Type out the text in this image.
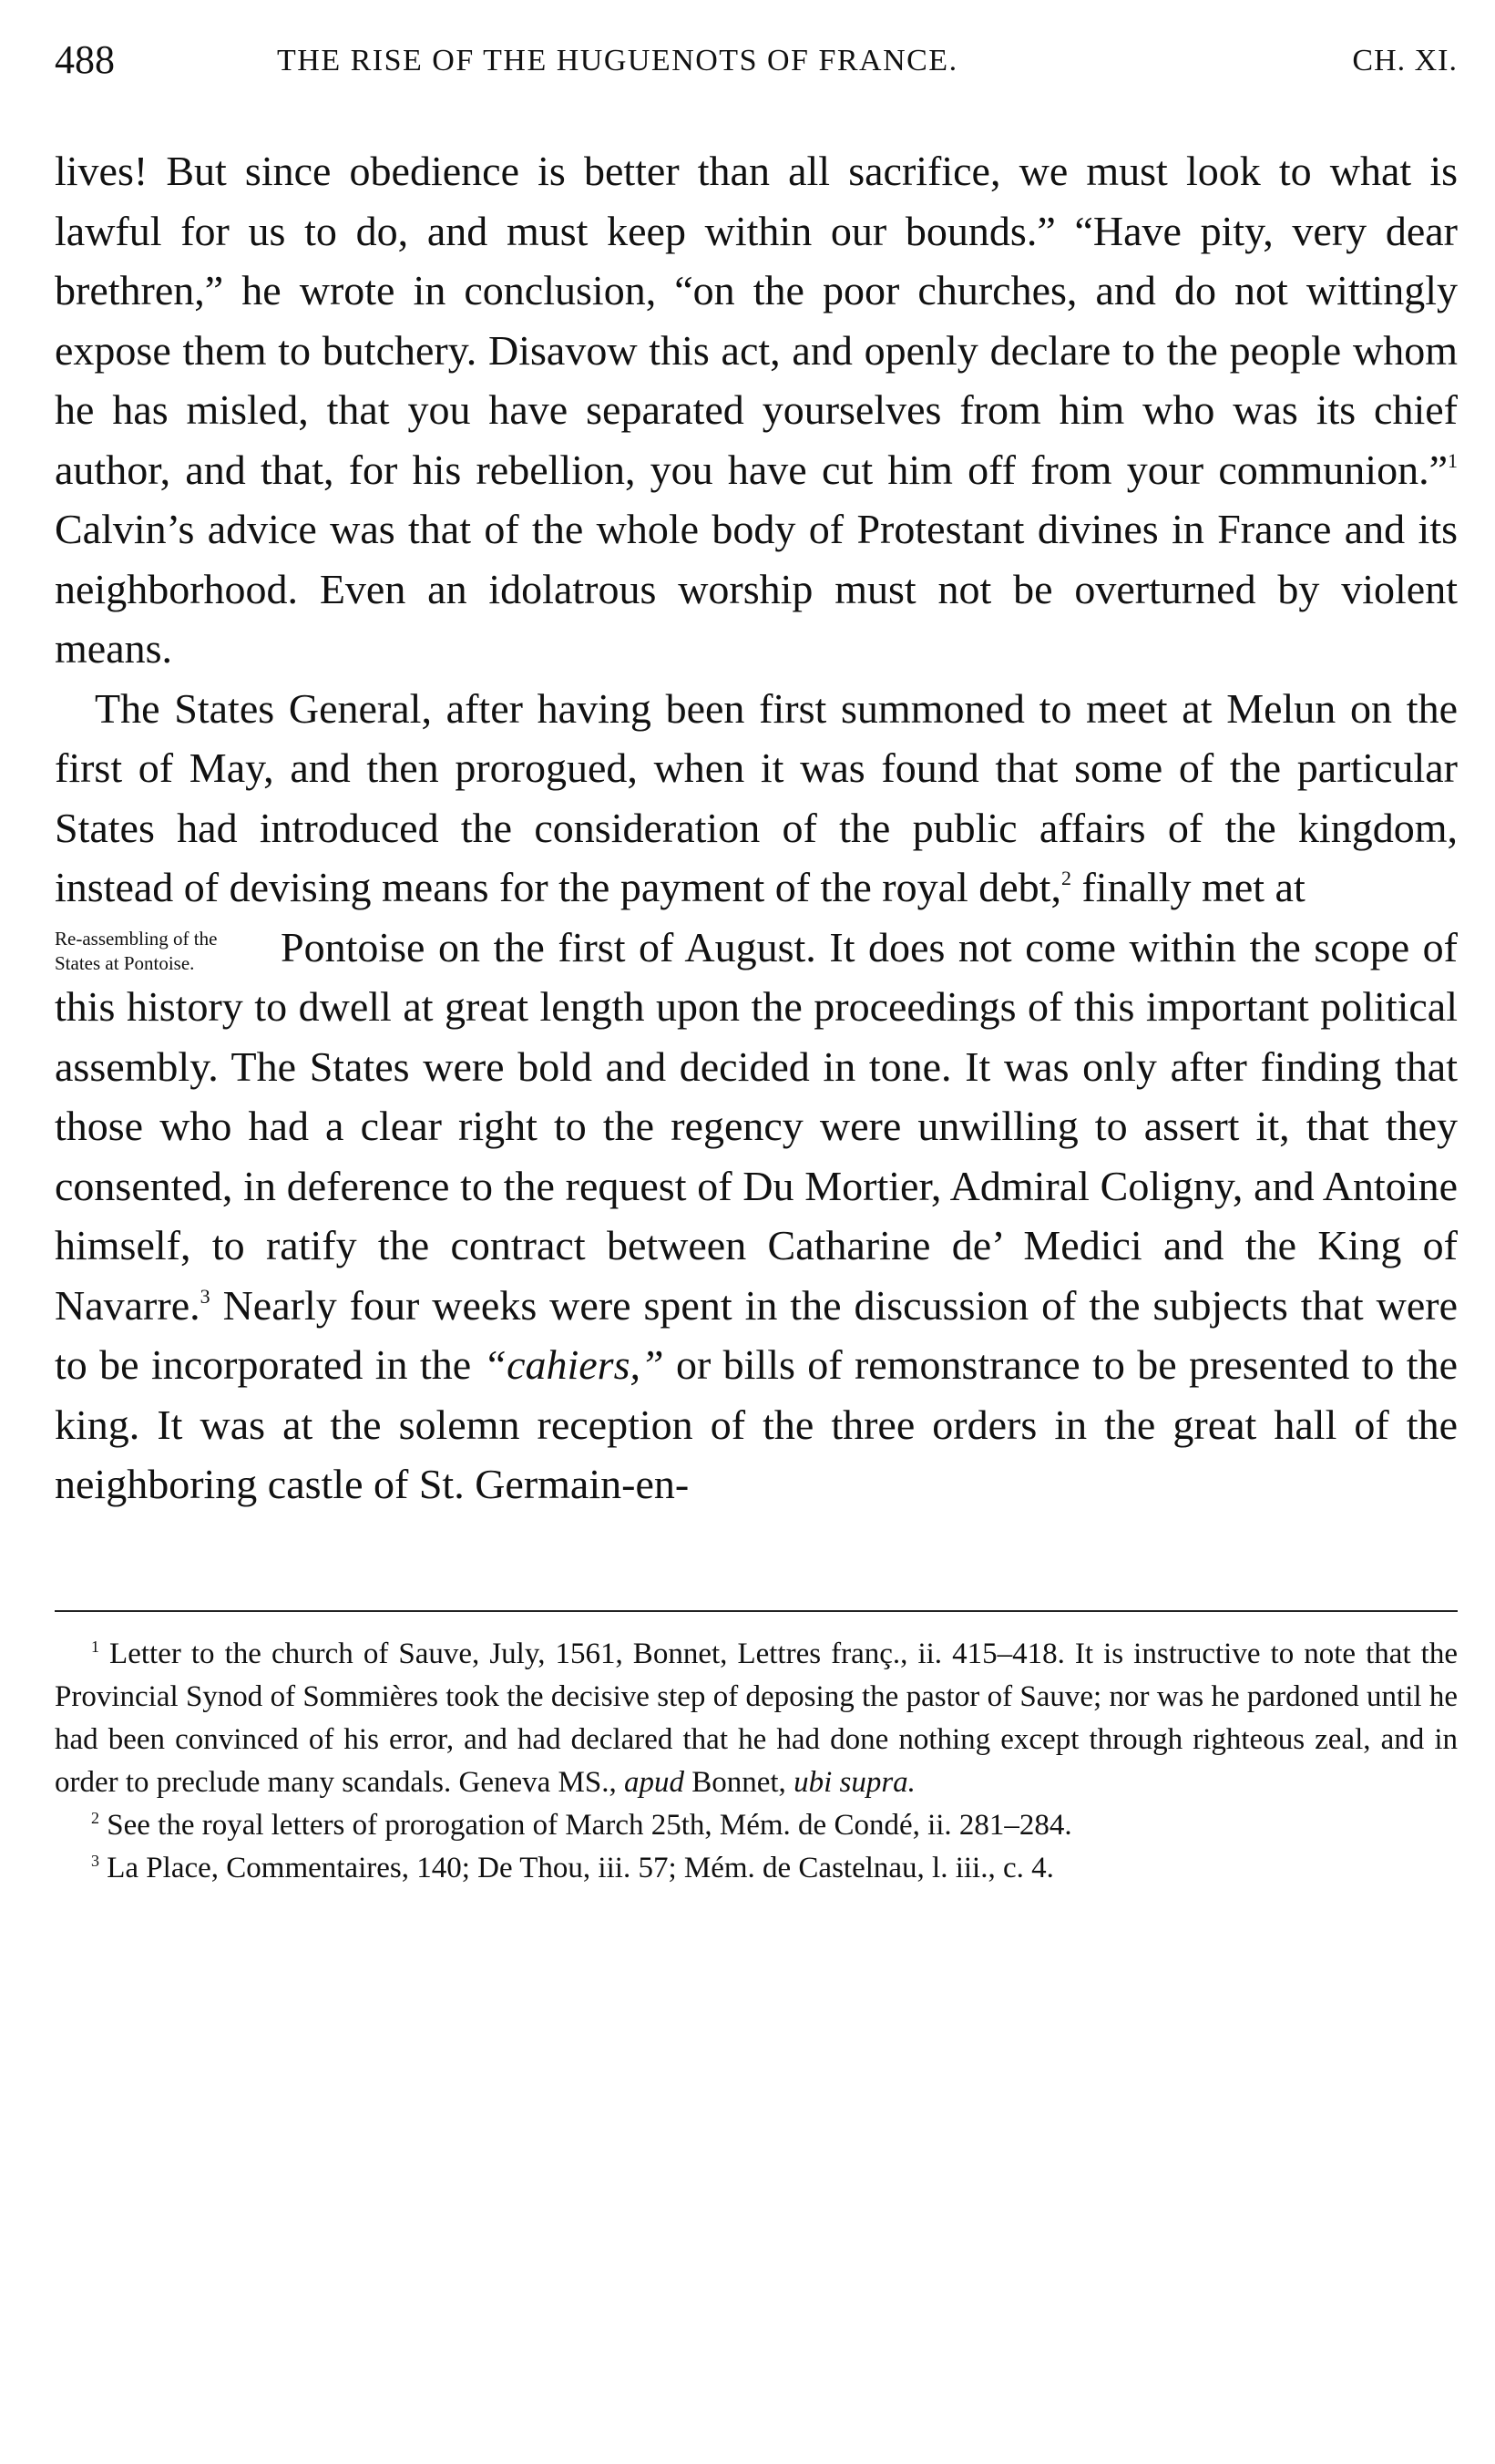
488	THE RISE OF THE HUGUENOTS OF FRANCE.	CH. XI.

lives! But since obedience is better than all sacrifice, we must look to what is lawful for us to do, and must keep within our bounds.” “Have pity, very dear brethren,” he wrote in conclusion, “on the poor churches, and do not wittingly expose them to butchery. Disavow this act, and openly declare to the people whom he has misled, that you have separated yourselves from him who was its chief author, and that, for his rebellion, you have cut him off from your communion.”$^1$ Calvin’s advice was that of the whole body of Protestant divines in France and its neighborhood. Even an idolatrous worship must not be overturned by violent means.

The States General, after having been first summoned to meet at Melun on the first of May, and then prorogued, when it was found that some of the particular States had introduced the consideration of the public affairs of the kingdom, instead of devising means for the payment of the royal debt,$^2$ finally met at

Re-assembling of the States at Pontoise.	Pontoise on the first of August. It does not come within the scope of this history to dwell at great length upon the proceedings of this important political assembly. The States were bold and decided in tone. It was only after finding that those who had a clear right to the regency were unwilling to assert it, that they consented, in deference to the request of Du Mortier, Admiral Coligny, and Antoine himself, to ratify the contract between Catharine de’ Medici and the King of Navarre.$^3$ Nearly four weeks were spent in the discussion of the subjects that were to be incorporated in the “cahiers,” or bills of remonstrance to be presented to the king. It was at the solemn reception of the three orders in the great hall of the neighboring castle of St. Germain-en-

$^1$ Letter to the church of Sauve, July, 1561, Bonnet, Lettres franç., ii. 415–418. It is instructive to note that the Provincial Synod of Sommières took the decisive step of deposing the pastor of Sauve; nor was he pardoned until he had been convinced of his error, and had declared that he had done nothing except through righteous zeal, and in order to preclude many scandals. Geneva MS., apud Bonnet, ubi supra.

$^2$ See the royal letters of prorogation of March 25th, Mém. de Condé, ii. 281–284.

$^3$ La Place, Commentaires, 140; De Thou, iii. 57; Mém. de Castelnau, l. iii., c. 4.
